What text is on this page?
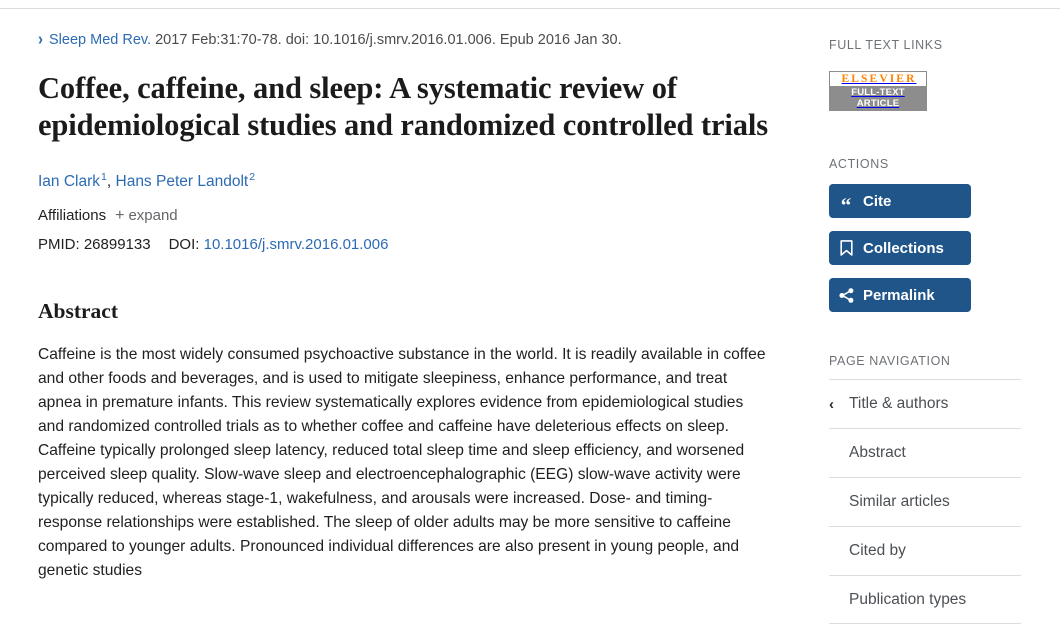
› Sleep Med Rev. 2017 Feb:31:70-78. doi: 10.1016/j.smrv.2016.01.006. Epub 2016 Jan 30.
Coffee, caffeine, and sleep: A systematic review of epidemiological studies and randomized controlled trials
Ian Clark$^1$, Hans Peter Landolt$^2$
Affiliations + expand
PMID: 26899133 DOI: 10.1016/j.smrv.2016.01.006
Abstract
Caffeine is the most widely consumed psychoactive substance in the world. It is readily available in coffee and other foods and beverages, and is used to mitigate sleepiness, enhance performance, and treat apnea in premature infants. This review systematically explores evidence from epidemiological studies and randomized controlled trials as to whether coffee and caffeine have deleterious effects on sleep. Caffeine typically prolonged sleep latency, reduced total sleep time and sleep efficiency, and worsened perceived sleep quality. Slow-wave sleep and electroencephalographic (EEG) slow-wave activity were typically reduced, whereas stage-1, wakefulness, and arousals were increased. Dose- and timing-response relationships were established. The sleep of older adults may be more sensitive to caffeine compared to younger adults. Pronounced individual differences are also present in young people, and genetic studies
FULL TEXT LINKS
ELSEVIER
FULL-TEXT ARTICLE
ACTIONS
“ Cite
Collections
Permalink
PAGE NAVIGATION
‹ Title & authors
Abstract
Similar articles
Cited by
Publication types
